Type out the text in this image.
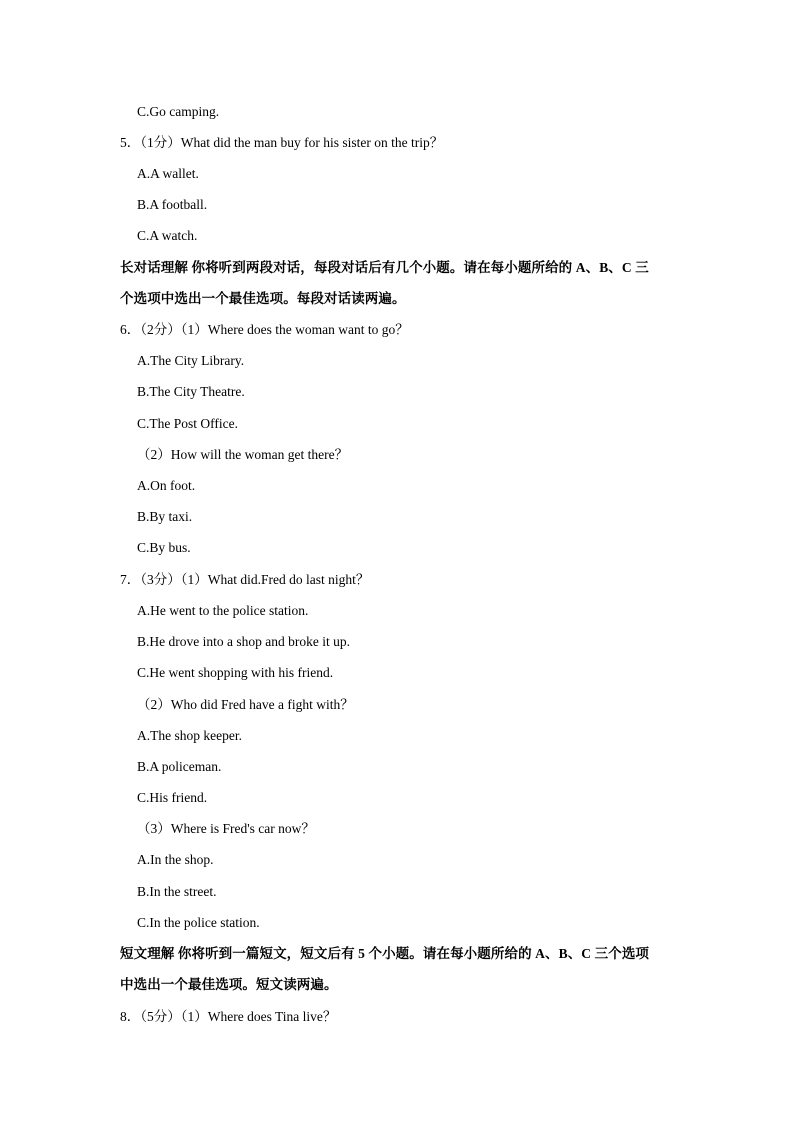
C.Go camping.
5．（1分）What did the man buy for his sister on the trip？
A.A wallet.
B.A football.
C.A watch.
长对话理解 你将听到两段对话，每段对话后有几个小题。请在每小题所给的 A、B、C 三
个选项中选出一个最佳选项。每段对话读两遍。
6．（2分）（1）Where does the woman want to go？
A.The City Library.
B.The City Theatre.
C.The Post Office.
（2）How will the woman get there？
A.On foot.
B.By taxi.
C.By bus.
7．（3分）（1）What did.Fred do last night？
A.He went to the police station.
B.He drove into a shop and broke it up.
C.He went shopping with his friend.
（2）Who did Fred have a fight with？
A.The shop keeper.
B.A policeman.
C.His friend.
（3）Where is Fred's car now？
A.In the shop.
B.In the street.
C.In the police station.
短文理解 你将听到一篇短文，短文后有 5 个小题。请在每小题所给的 A、B、C 三个选项
中选出一个最佳选项。短文读两遍。
8．（5分）（1）Where does Tina live？
